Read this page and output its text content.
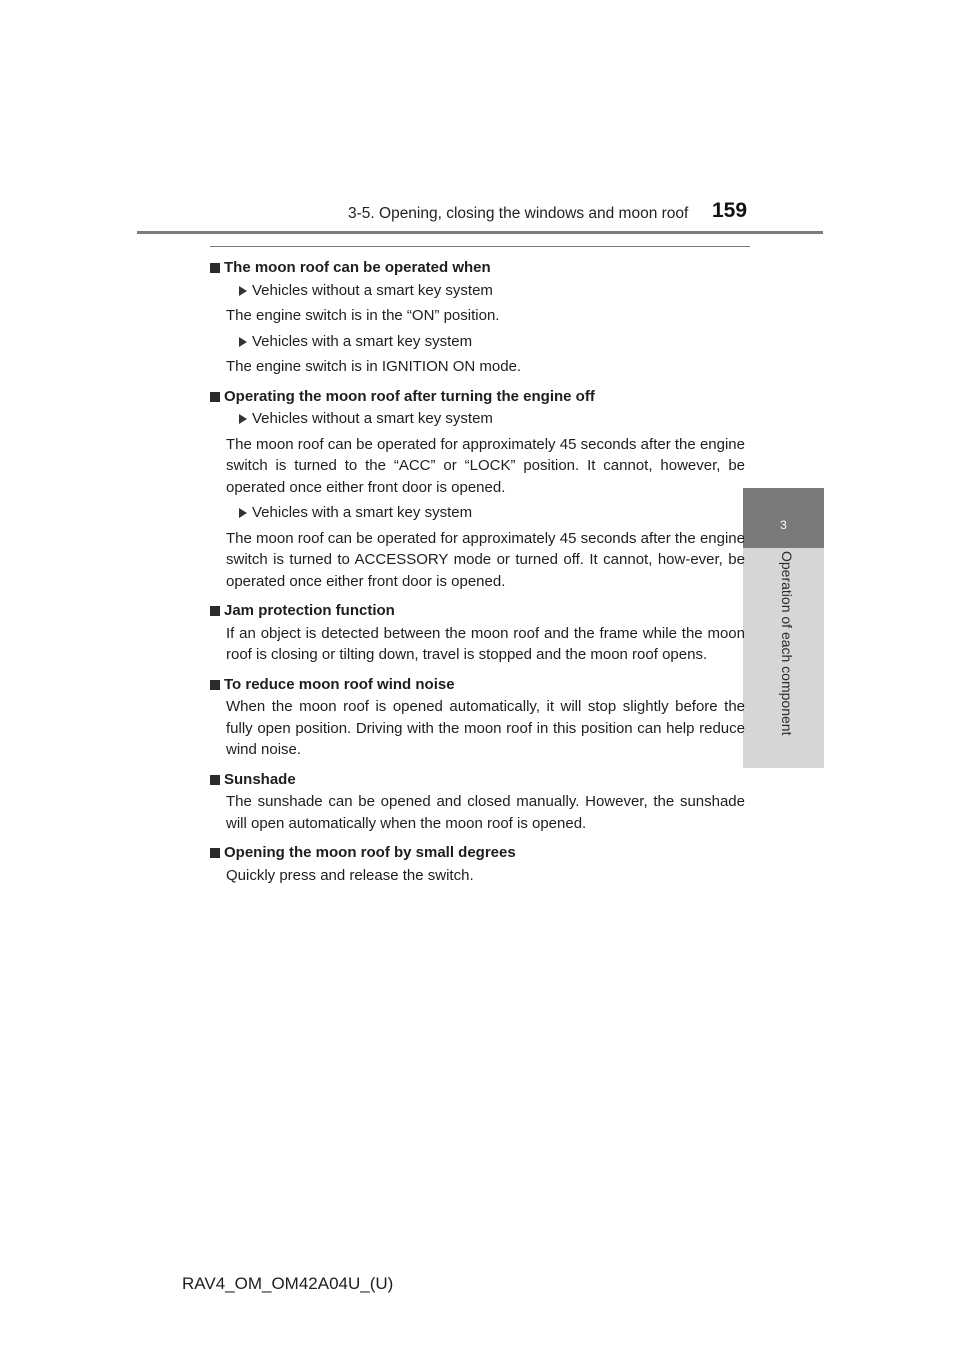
3-5. Opening, closing the windows and moon roof 159
3
Operation of each component
The moon roof can be operated when
Vehicles without a smart key system
The engine switch is in the “ON” position.
Vehicles with a smart key system
The engine switch is in IGNITION ON mode.
Operating the moon roof after turning the engine off
Vehicles without a smart key system
The moon roof can be operated for approximately 45 seconds after the engine switch is turned to the “ACC” or “LOCK” position. It cannot, however, be operated once either front door is opened.
Vehicles with a smart key system
The moon roof can be operated for approximately 45 seconds after the engine switch is turned to ACCESSORY mode or turned off. It cannot, how-ever, be operated once either front door is opened.
Jam protection function
If an object is detected between the moon roof and the frame while the moon roof is closing or tilting down, travel is stopped and the moon roof opens.
To reduce moon roof wind noise
When the moon roof is opened automatically, it will stop slightly before the fully open position. Driving with the moon roof in this position can help reduce wind noise.
Sunshade
The sunshade can be opened and closed manually. However, the sunshade will open automatically when the moon roof is opened.
Opening the moon roof by small degrees
Quickly press and release the switch.
RAV4_OM_OM42A04U_(U)
